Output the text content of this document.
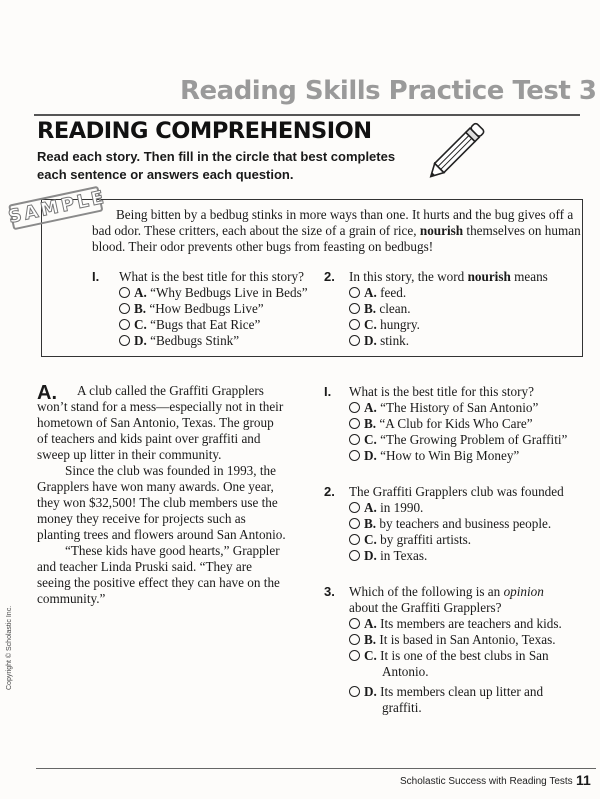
Reading Skills Practice Test 3
READING COMPREHENSION
Read each story. Then fill in the circle that best completes each sentence or answers each question.
SAMPLE Being bitten by a bedbug stinks in more ways than one. It hurts and the bug gives off a bad odor. These critters, each about the size of a grain of rice, nourish themselves on human blood. Their odor prevents other bugs from feasting on bedbugs!
I. What is the best title for this story?
A. “Why Bedbugs Live in Beds”
B. “How Bedbugs Live”
C. “Bugs that Eat Rice”
D. “Bedbugs Stink”
2. In this story, the word nourish means
A. feed.
B. clean.
C. hungry.
D. stink.
A.	A club called the Graffiti Grapplers won’t stand for a mess—especially not in their hometown of San Antonio, Texas. The group of teachers and kids paint over graffiti and sweep up litter in their community.
Since the club was founded in 1993, the Grapplers have won many awards. One year, they won $32,500! The club members use the money they receive for projects such as planting trees and flowers around San Antonio.
“These kids have good hearts,” Grappler and teacher Linda Pruski said. “They are seeing the positive effect they can have on the community.”
I. What is the best title for this story?
A. “The History of San Antonio”
B. “A Club for Kids Who Care”
C. “The Growing Problem of Graffiti”
D. “How to Win Big Money”
2. The Graffiti Grapplers club was founded
A. in 1990.
B. by teachers and business people.
C. by graffiti artists.
D. in Texas.
3. Which of the following is an opinion about the Graffiti Grapplers?
A. Its members are teachers and kids.
B. It is based in San Antonio, Texas.
C. It is one of the best clubs in San Antonio.
D. Its members clean up litter and graffiti.
Copyright © Scholastic Inc.
Scholastic Success with Reading Tests 11
